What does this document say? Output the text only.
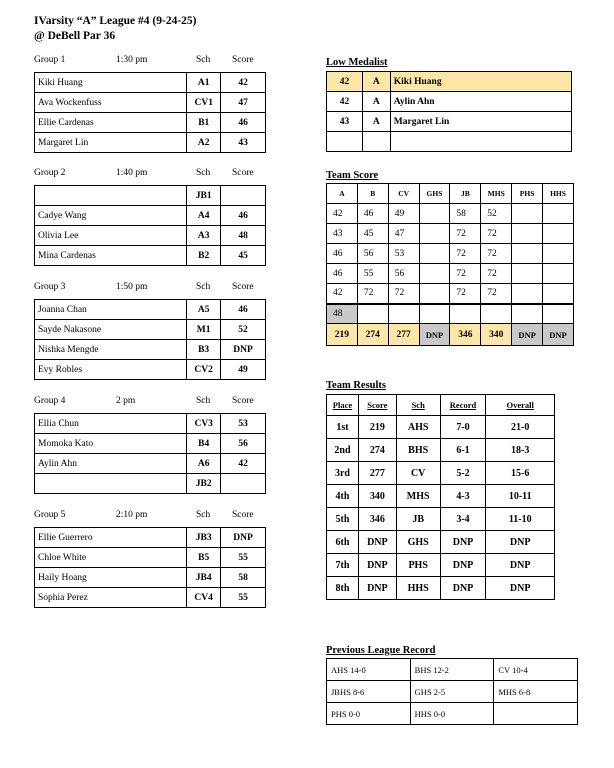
IVarsity “A” League #4 (9-24-25)
@ DeBell Par 36
Group 1	1:30 pm	Sch Score
Kiki Huang	A1	42
Ava Wockenfuss	CV1	47
Ellie Cardenas	B1	46
Margaret Lin	A2	43
Group 2	1:40 pm	Sch Score
	JB1	
Cadye Wang	A4	46
Olivia Lee	A3	48
Mina Cardenas	B2	45
Group 3	1:50 pm	Sch Score
Joanna Chan	A5	46
Sayde Nakasone	M1	52
Nishka Mengde	B3	DNP
Evy Robles	CV2	49
Group 4	2 pm	Sch Score
Ellia Chun	CV3	53
Momoka Kato	B4	56
Aylin Ahn	A6	42
	JB2	
Group 5	2:10 pm	Sch Score
Ellie Guerrero	JB3	DNP
Chloe White	B5	55
Haily Hoang	JB4	58
Sophia Perez	CV4	55
Low Medalist
42	A	Kiki Huang
42	A	Aylin Ahn
43	A	Margaret Lin

Team Score
A	B	CV	GHS	JB	MHS	PHS	HHS
42	46	49		58	52		
43	45	47		72	72		
46	56	53		72	72		
46	55	56		72	72		
42	72	72		72	72		
48							
219	274	277	DNP	346	340	DNP	DNP
Team Results
Place	Score	Sch	Record	Overall
1st	219	AHS	7-0	21-0
2nd	274	BHS	6-1	18-3
3rd	277	CV	5-2	15-6
4th	340	MHS	4-3	10-11
5th	346	JB	3-4	11-10
6th	DNP	GHS	DNP	DNP
7th	DNP	PHS	DNP	DNP
8th	DNP	HHS	DNP	DNP
Previous League Record
AHS 14-0	BHS 12-2	CV 10-4
JBHS 8-6	GHS 2-5	MHS 6-8
PHS 0-0	HHS 0-0	
